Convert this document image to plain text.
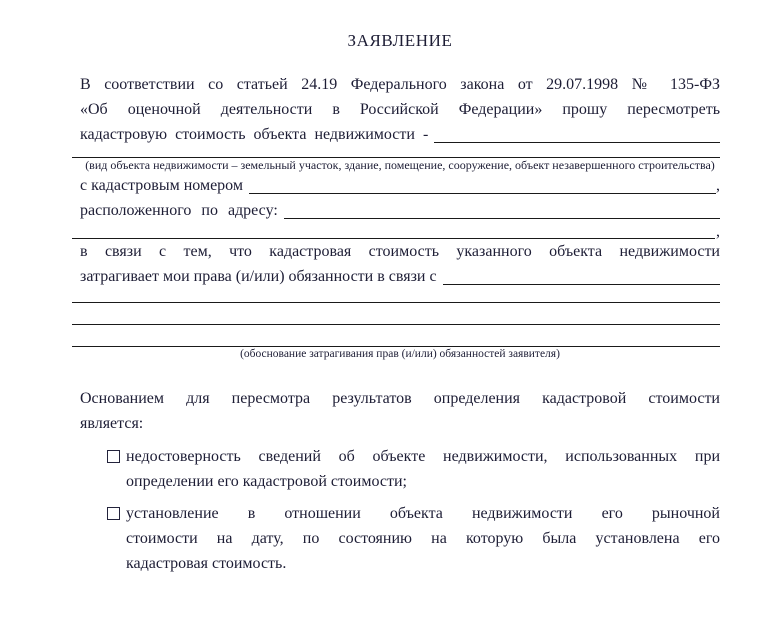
ЗАЯВЛЕНИЕ
В соответствии со статьей 24.19 Федерального закона от 29.07.1998 № 135-ФЗ
«Об оценочной деятельности в Российской Федерации» прошу пересмотреть
кадастровую стоимость объекта недвижимости -
(вид объекта недвижимости – земельный участок, здание, помещение, сооружение, объект незавершенного строительства)
с кадастровым номером	,
расположенного по адресу:
,
в связи с тем, что кадастровая стоимость указанного объекта недвижимости
затрагивает мои права (и/или) обязанности в связи с
(обоснование затрагивания прав (и/или) обязанностей заявителя)
Основанием для пересмотра результатов определения кадастровой стоимости
является:
недостоверность сведений об объекте недвижимости, использованных при
определении его кадастровой стоимости;
установление в отношении объекта недвижимости его рыночной
стоимости на дату, по состоянию на которую была установлена его
кадастровая стоимость.
